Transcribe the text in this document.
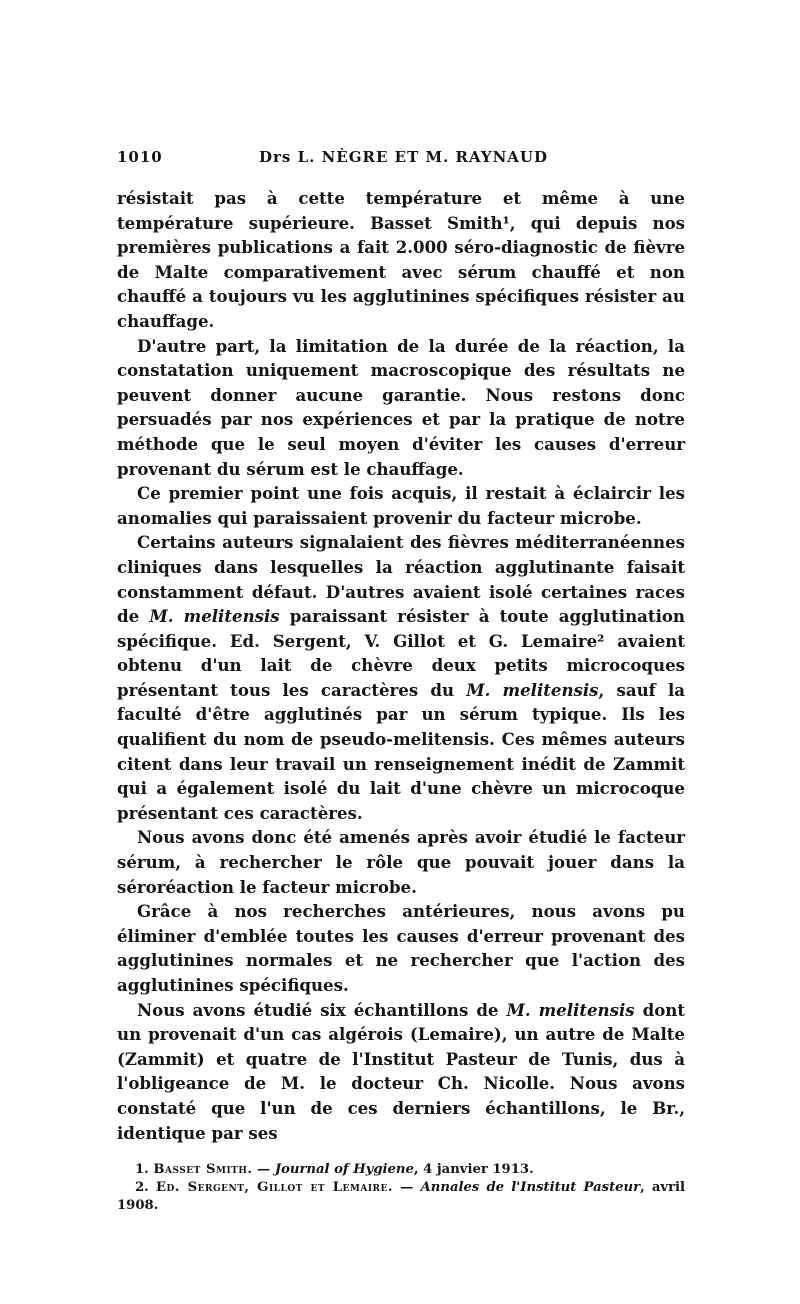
1010	Drs L. NÈGRE ET M. RAYNAUD

résistait pas à cette température et même à une température supérieure. Basset Smith¹, qui depuis nos premières publications a fait 2.000 séro-diagnostic de fièvre de Malte comparativement avec sérum chauffé et non chauffé a toujours vu les agglutinines spécifiques résister au chauffage.

D'autre part, la limitation de la durée de la réaction, la constatation uniquement macroscopique des résultats ne peuvent donner aucune garantie. Nous restons donc persuadés par nos expériences et par la pratique de notre méthode que le seul moyen d'éviter les causes d'erreur provenant du sérum est le chauffage.

Ce premier point une fois acquis, il restait à éclaircir les anomalies qui paraissaient provenir du facteur microbe.

Certains auteurs signalaient des fièvres méditerranéennes cliniques dans lesquelles la réaction agglutinante faisait constamment défaut. D'autres avaient isolé certaines races de M. melitensis paraissant résister à toute agglutination spécifique. Ed. Sergent, V. Gillot et G. Lemaire² avaient obtenu d'un lait de chèvre deux petits microcoques présentant tous les caractères du M. melitensis, sauf la faculté d'être agglutinés par un sérum typique. Ils les qualifient du nom de pseudo-melitensis. Ces mêmes auteurs citent dans leur travail un renseignement inédit de Zammit qui a également isolé du lait d'une chèvre un microcoque présentant ces caractères.

Nous avons donc été amenés après avoir étudié le facteur sérum, à rechercher le rôle que pouvait jouer dans la séroréaction le facteur microbe.

Grâce à nos recherches antérieures, nous avons pu éliminer d'emblée toutes les causes d'erreur provenant des agglutinines normales et ne rechercher que l'action des agglutinines spécifiques.

Nous avons étudié six échantillons de M. melitensis dont un provenait d'un cas algérois (Lemaire), un autre de Malte (Zammit) et quatre de l'Institut Pasteur de Tunis, dus à l'obligeance de M. le docteur Ch. Nicolle. Nous avons constaté que l'un de ces derniers échantillons, le Br., identique par ses

1. Basset Smith. — Journal of Hygiene, 4 janvier 1913.

2. Ed. Sergent, Gillot et Lemaire. — Annales de l'Institut Pasteur, avril 1908.
